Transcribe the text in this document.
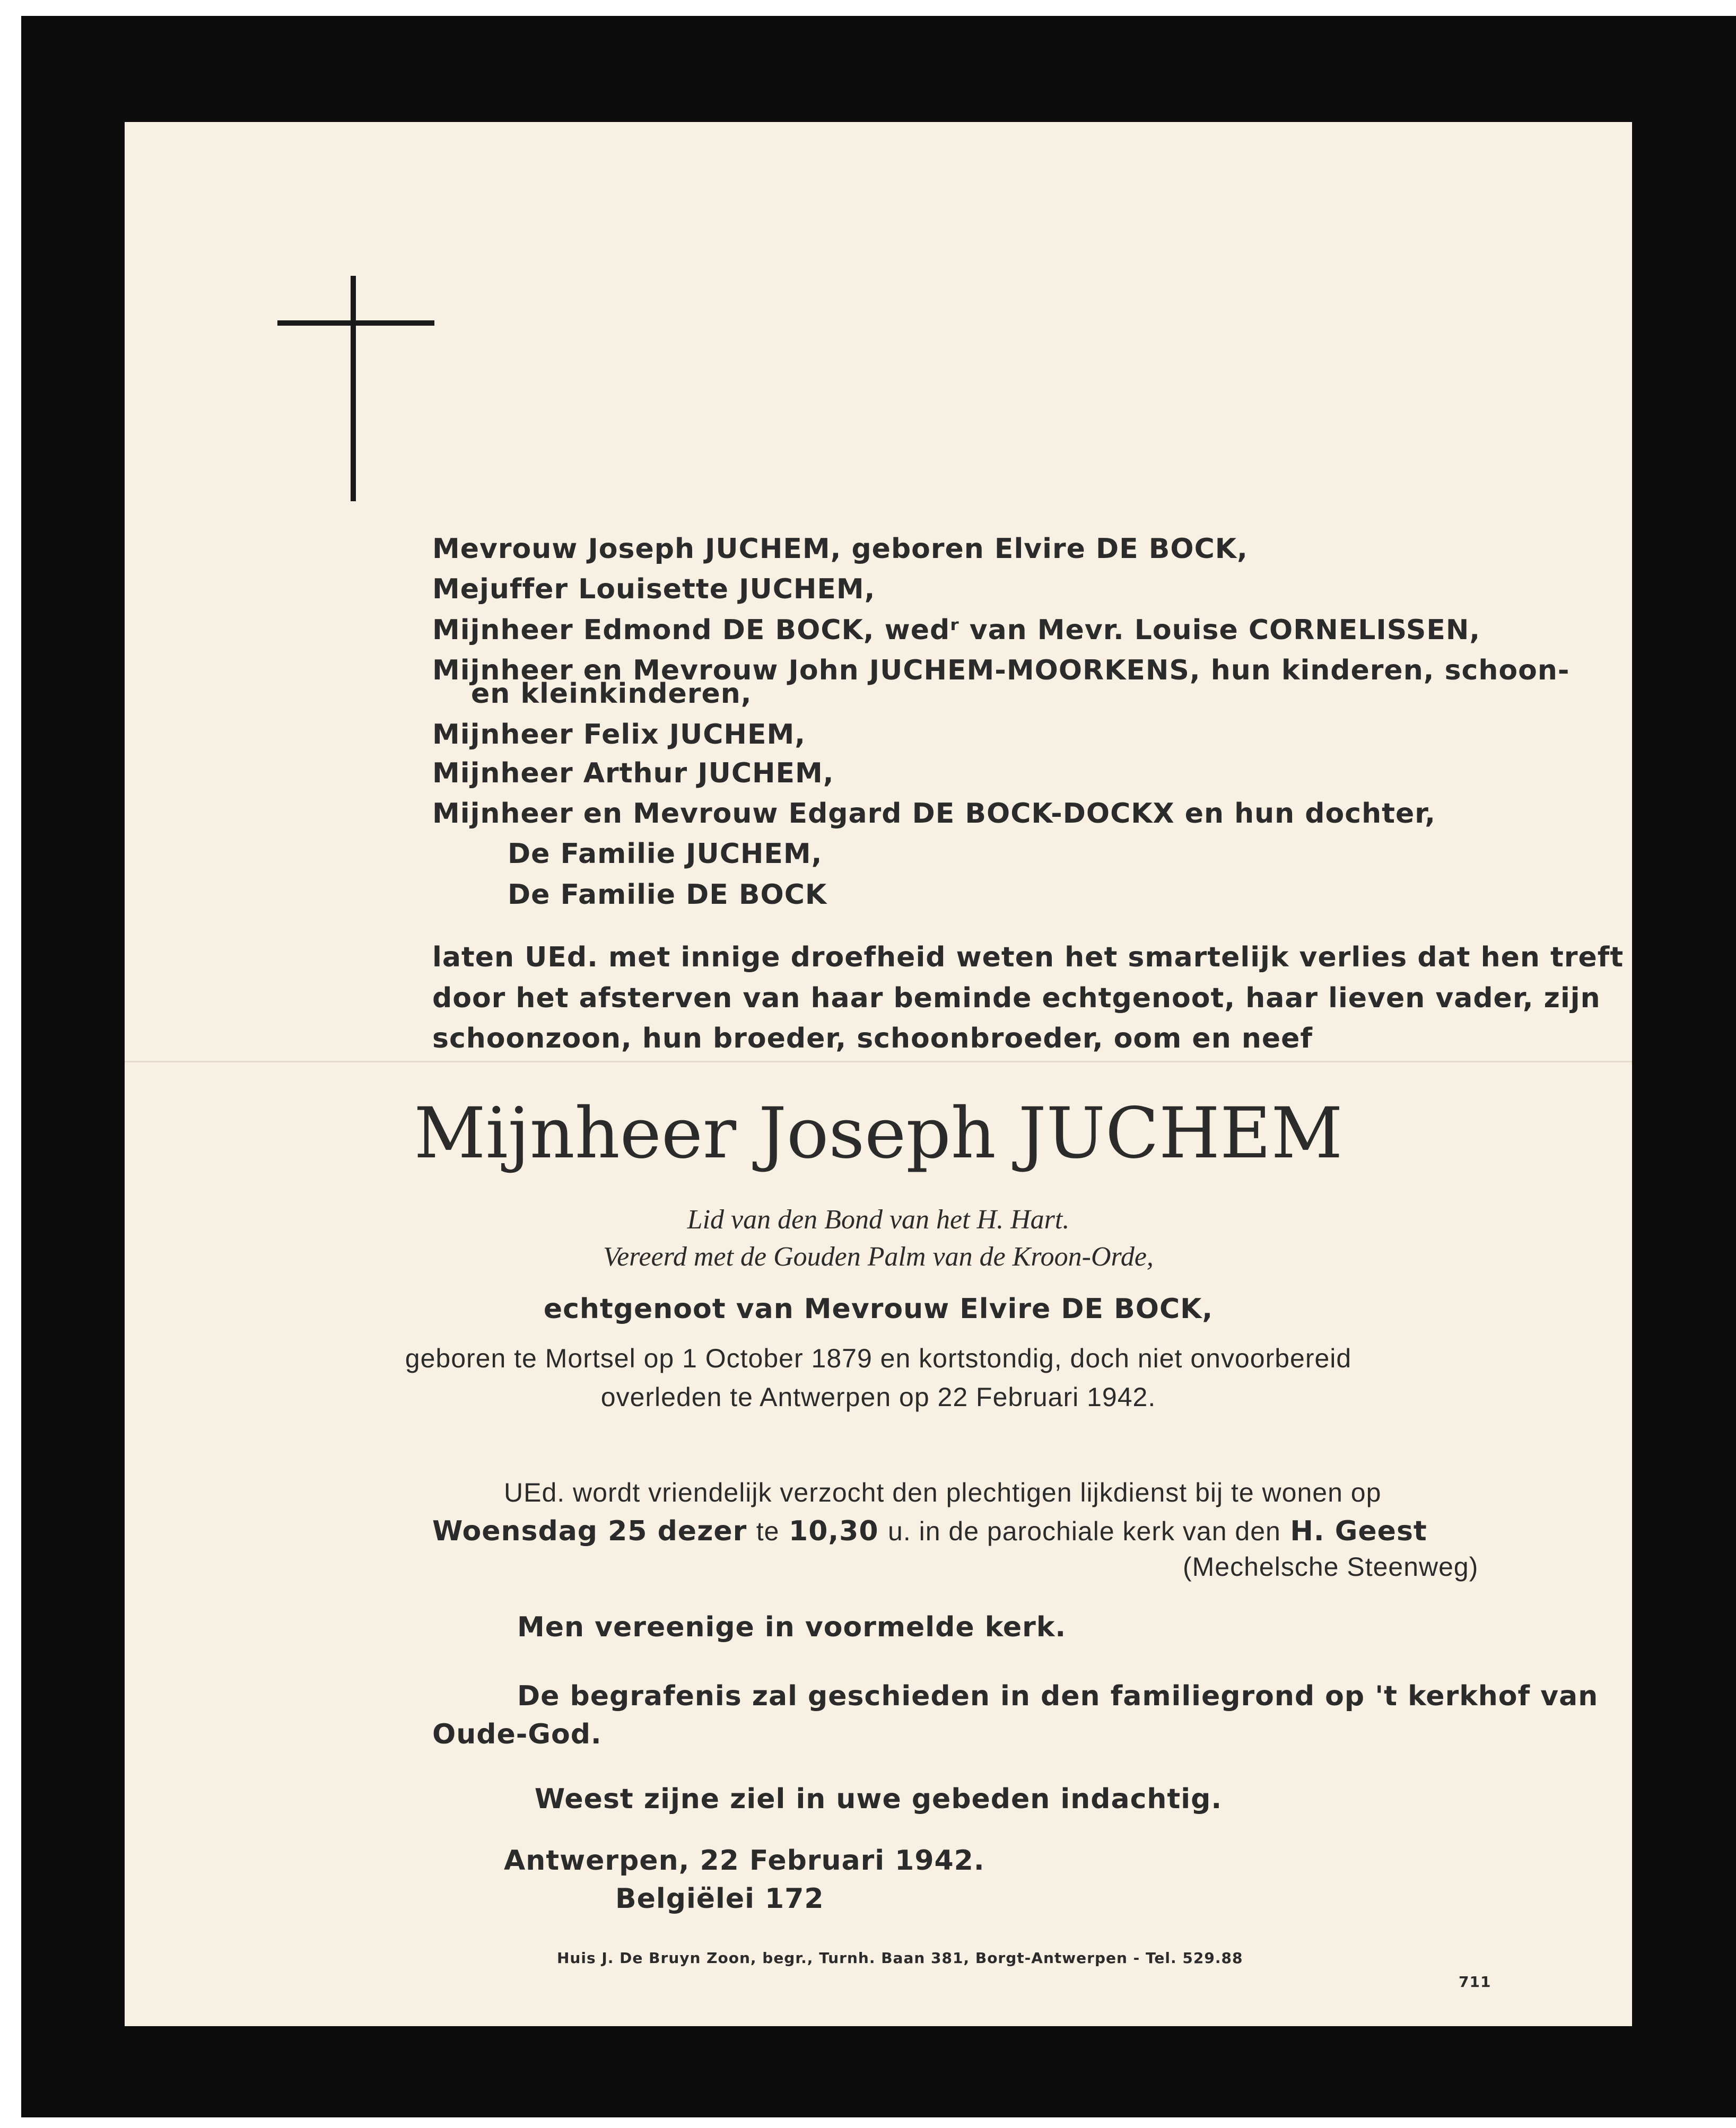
Mevrouw Joseph JUCHEM, geboren Elvire DE BOCK,
Mejuffer Louisette JUCHEM,
Mijnheer Edmond DE BOCK, wedʳ van Mevr. Louise CORNELISSEN,
Mijnheer en Mevrouw John JUCHEM-MOORKENS, hun kinderen, schoon-
en kleinkinderen,
Mijnheer Felix JUCHEM,
Mijnheer Arthur JUCHEM,
Mijnheer en Mevrouw Edgard DE BOCK-DOCKX en hun dochter,
De Familie JUCHEM,
De Familie DE BOCK
laten UEd. met innige droefheid weten het smartelijk verlies dat hen treft
door het afsterven van haar beminde echtgenoot, haar lieven vader, zijn
schoonzoon, hun broeder, schoonbroeder, oom en neef
Mijnheer Joseph JUCHEM
Lid van den Bond van het H. Hart.
Vereerd met de Gouden Palm van de Kroon-Orde,
echtgenoot van Mevrouw Elvire DE BOCK,
geboren te Mortsel op 1 October 1879 en kortstondig, doch niet onvoorbereid
overleden te Antwerpen op 22 Februari 1942.
UEd. wordt vriendelijk verzocht den plechtigen lijkdienst bij te wonen op
Woensdag 25 dezer te 10,30 u. in de parochiale kerk van den H. Geest
(Mechelsche Steenweg)
Men vereenige in voormelde kerk.
De begrafenis zal geschieden in den familiegrond op 't kerkhof van
Oude-God.
Weest zijne ziel in uwe gebeden indachtig.
Antwerpen, 22 Februari 1942.
Belgiëlei 172
Huis J. De Bruyn Zoon, begr., Turnh. Baan 381, Borgt-Antwerpen - Tel. 529.88
711
